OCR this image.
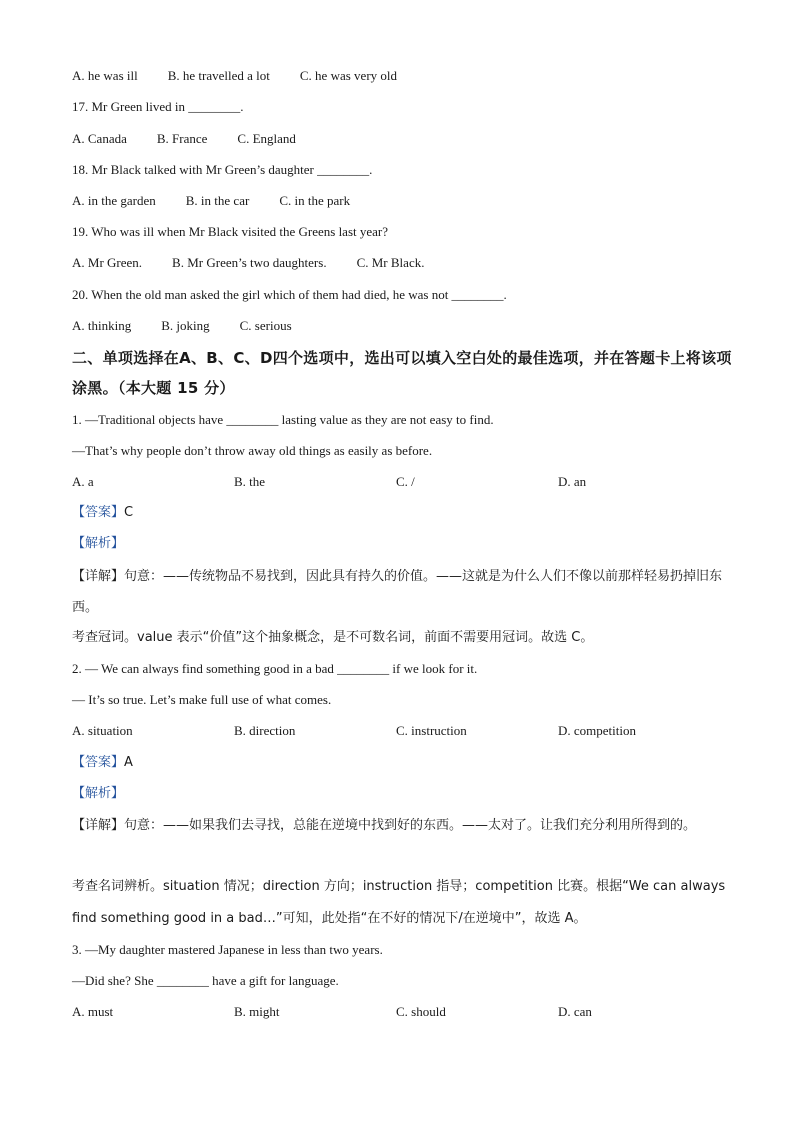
A. he was ill B. he travelled a lot C. he was very old
17. Mr Green lived in ________.
A. Canada B. France C. England
18. Mr Black talked with Mr Green’s daughter ________.
A. in the garden B. in the car C. in the park
19. Who was ill when Mr Black visited the Greens last year?
A. Mr Green. B. Mr Green’s two daughters. C. Mr Black.
20. When the old man asked the girl which of them had died, he was not ________.
A. thinking B. joking C. serious
二、单项选择在A、B、C、D四个选项中，选出可以填入空白处的最佳选项，并在答题卡上将该项涂黑。（本大题 15 分）
1. —Traditional objects have ________ lasting value as they are not easy to find.
—That’s why people don’t throw away old things as easily as before.
A. a	B. the	C. /	D. an
【答案】C
【解析】
【详解】句意：——传统物品不易找到，因此具有持久的价值。——这就是为什么人们不像以前那样轻易扔掉旧东西。
考查冠词。value 表示“价值”这个抽象概念，是不可数名词，前面不需要用冠词。故选 C。
2. — We can always find something good in a bad ________ if we look for it.
— It’s so true. Let’s make full use of what comes.
A. situation	B. direction	C. instruction	D. competition
【答案】A
【解析】
【详解】句意：——如果我们去寻找，总能在逆境中找到好的东西。——太对了。让我们充分利用所得到的。
考查名词辨析。situation 情况；direction 方向；instruction 指导；competition 比赛。根据“We can always
find something good in a bad…”可知，此处指“在不好的情况下/在逆境中”，故选 A。
3. —My daughter mastered Japanese in less than two years.
—Did she? She ________ have a gift for language.
A. must	B. might	C. should	D. can
